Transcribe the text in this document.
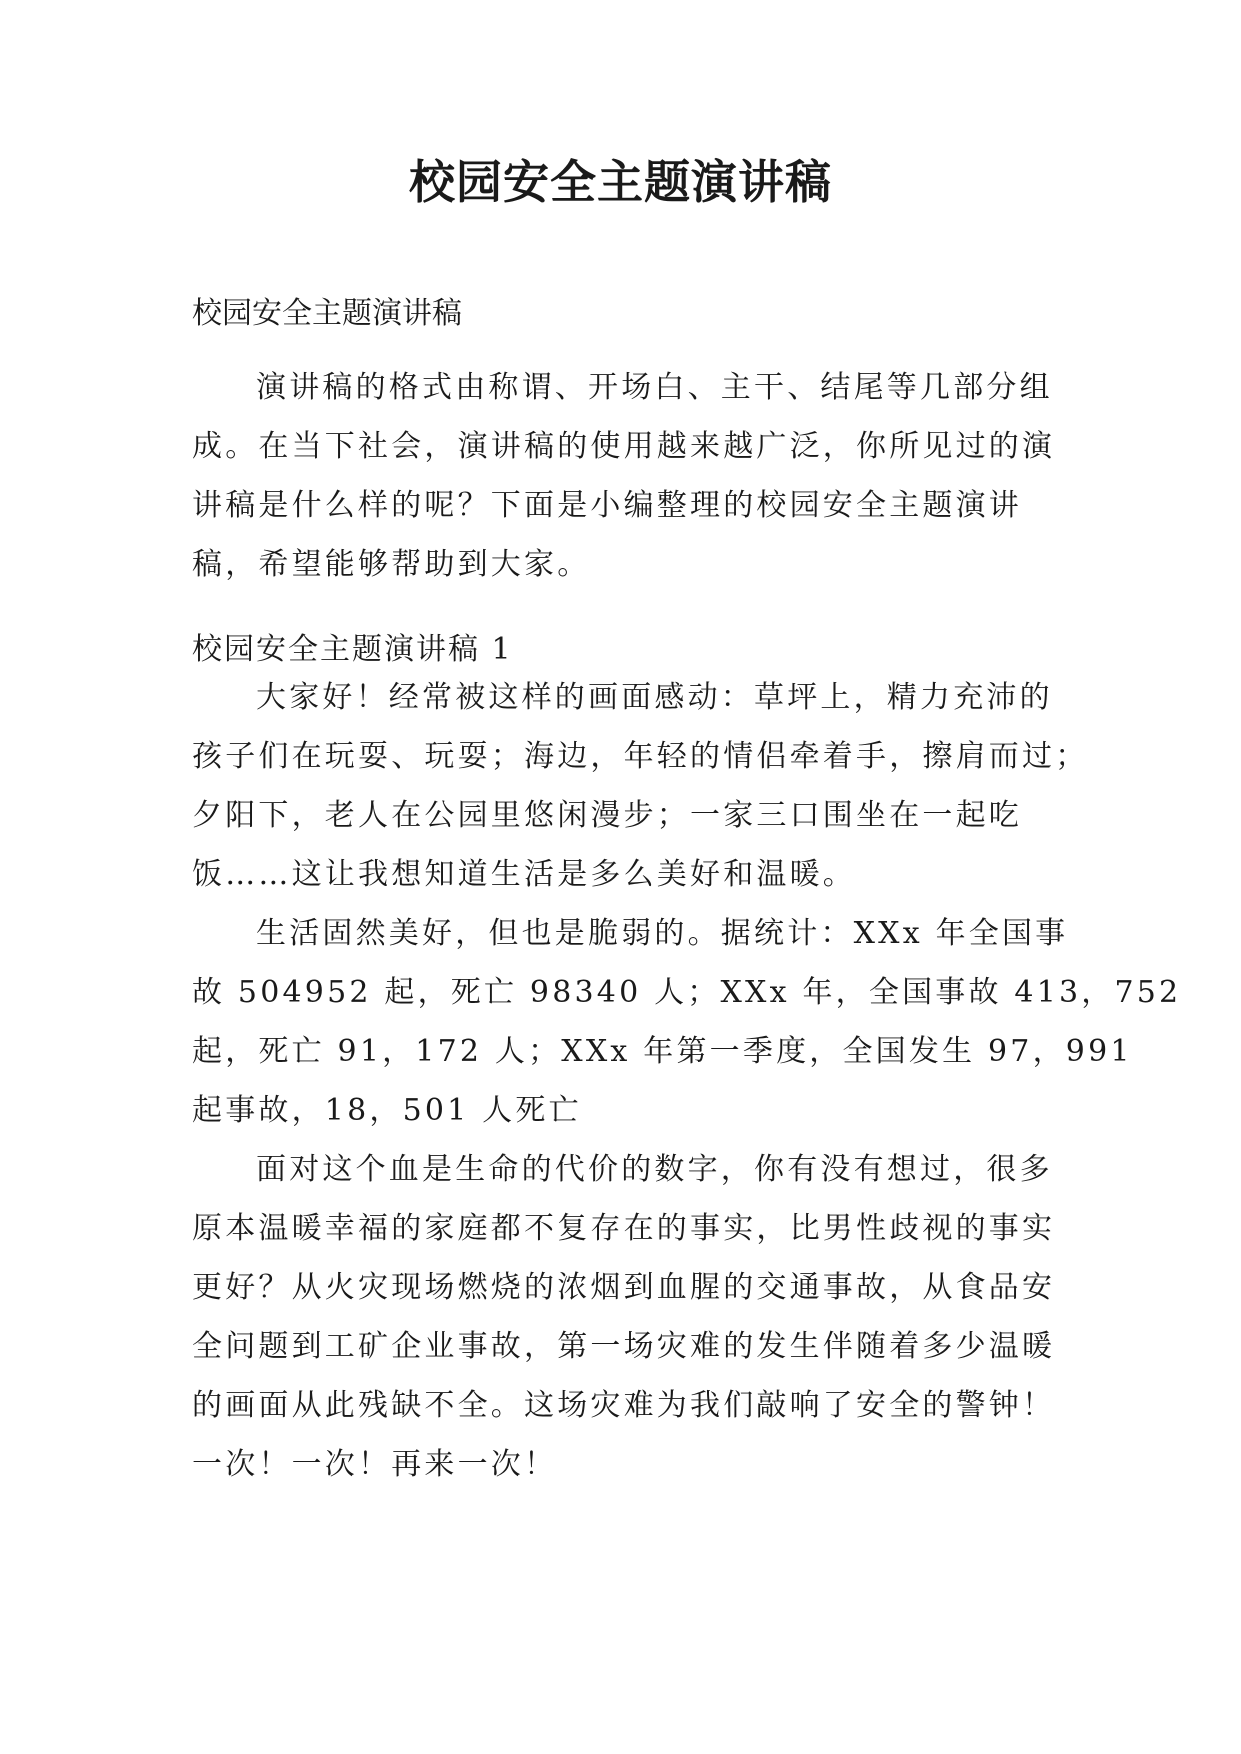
校园安全主题演讲稿
校园安全主题演讲稿
演讲稿的格式由称谓、开场白、主干、结尾等几部分组
成。在当下社会，演讲稿的使用越来越广泛，你所见过的演
讲稿是什么样的呢？下面是小编整理的校园安全主题演讲
稿，希望能够帮助到大家。
校园安全主题演讲稿 1
大家好！经常被这样的画面感动：草坪上，精力充沛的
孩子们在玩耍、玩耍；海边，年轻的情侣牵着手，擦肩而过；
夕阳下，老人在公园里悠闲漫步；一家三口围坐在一起吃
饭……这让我想知道生活是多么美好和温暖。
生活固然美好，但也是脆弱的。据统计：XXx 年全国事
故 504952 起，死亡 98340 人；XXx 年，全国事故 413，752
起，死亡 91，172 人；XXx 年第一季度，全国发生 97，991
起事故，18，501 人死亡
面对这个血是生命的代价的数字，你有没有想过，很多
原本温暖幸福的家庭都不复存在的事实，比男性歧视的事实
更好？从火灾现场燃烧的浓烟到血腥的交通事故，从食品安
全问题到工矿企业事故，第一场灾难的发生伴随着多少温暖
的画面从此残缺不全。这场灾难为我们敲响了安全的警钟！
一次！一次！再来一次！
